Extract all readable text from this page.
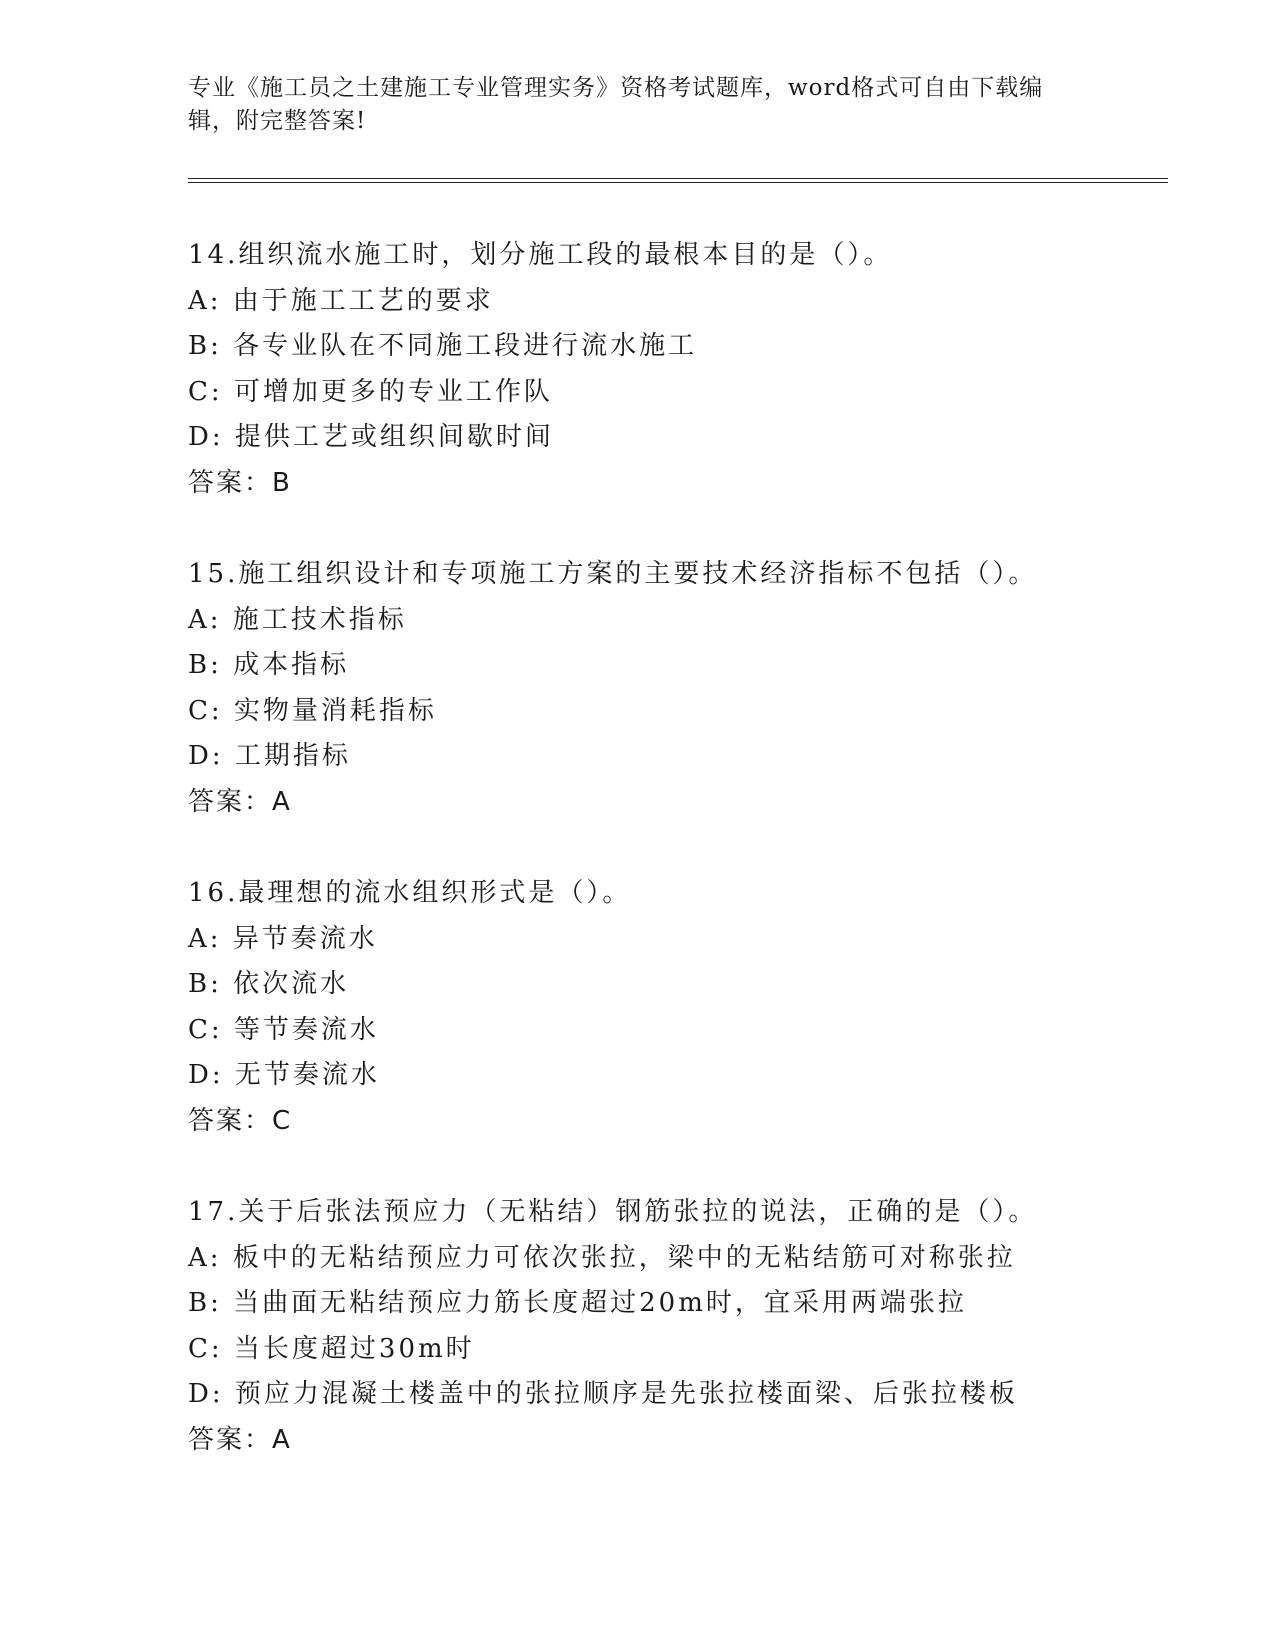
专业《施工员之土建施工专业管理实务》资格考试题库，word格式可自由下载编
辑，附完整答案!
14.组织流水施工时，划分施工段的最根本目的是（）。
A: 由于施工工艺的要求
B: 各专业队在不同施工段进行流水施工
C: 可增加更多的专业工作队
D: 提供工艺或组织间歇时间
答案：B
15.施工组织设计和专项施工方案的主要技术经济指标不包括（）。
A: 施工技术指标
B: 成本指标
C: 实物量消耗指标
D: 工期指标
答案：A
16.最理想的流水组织形式是（）。
A: 异节奏流水
B: 依次流水
C: 等节奏流水
D: 无节奏流水
答案：C
17.关于后张法预应力（无粘结）钢筋张拉的说法，正确的是（）。
A: 板中的无粘结预应力可依次张拉，梁中的无粘结筋可对称张拉
B: 当曲面无粘结预应力筋长度超过20m时，宜采用两端张拉
C: 当长度超过30m时
D: 预应力混凝土楼盖中的张拉顺序是先张拉楼面梁、后张拉楼板
答案：A
